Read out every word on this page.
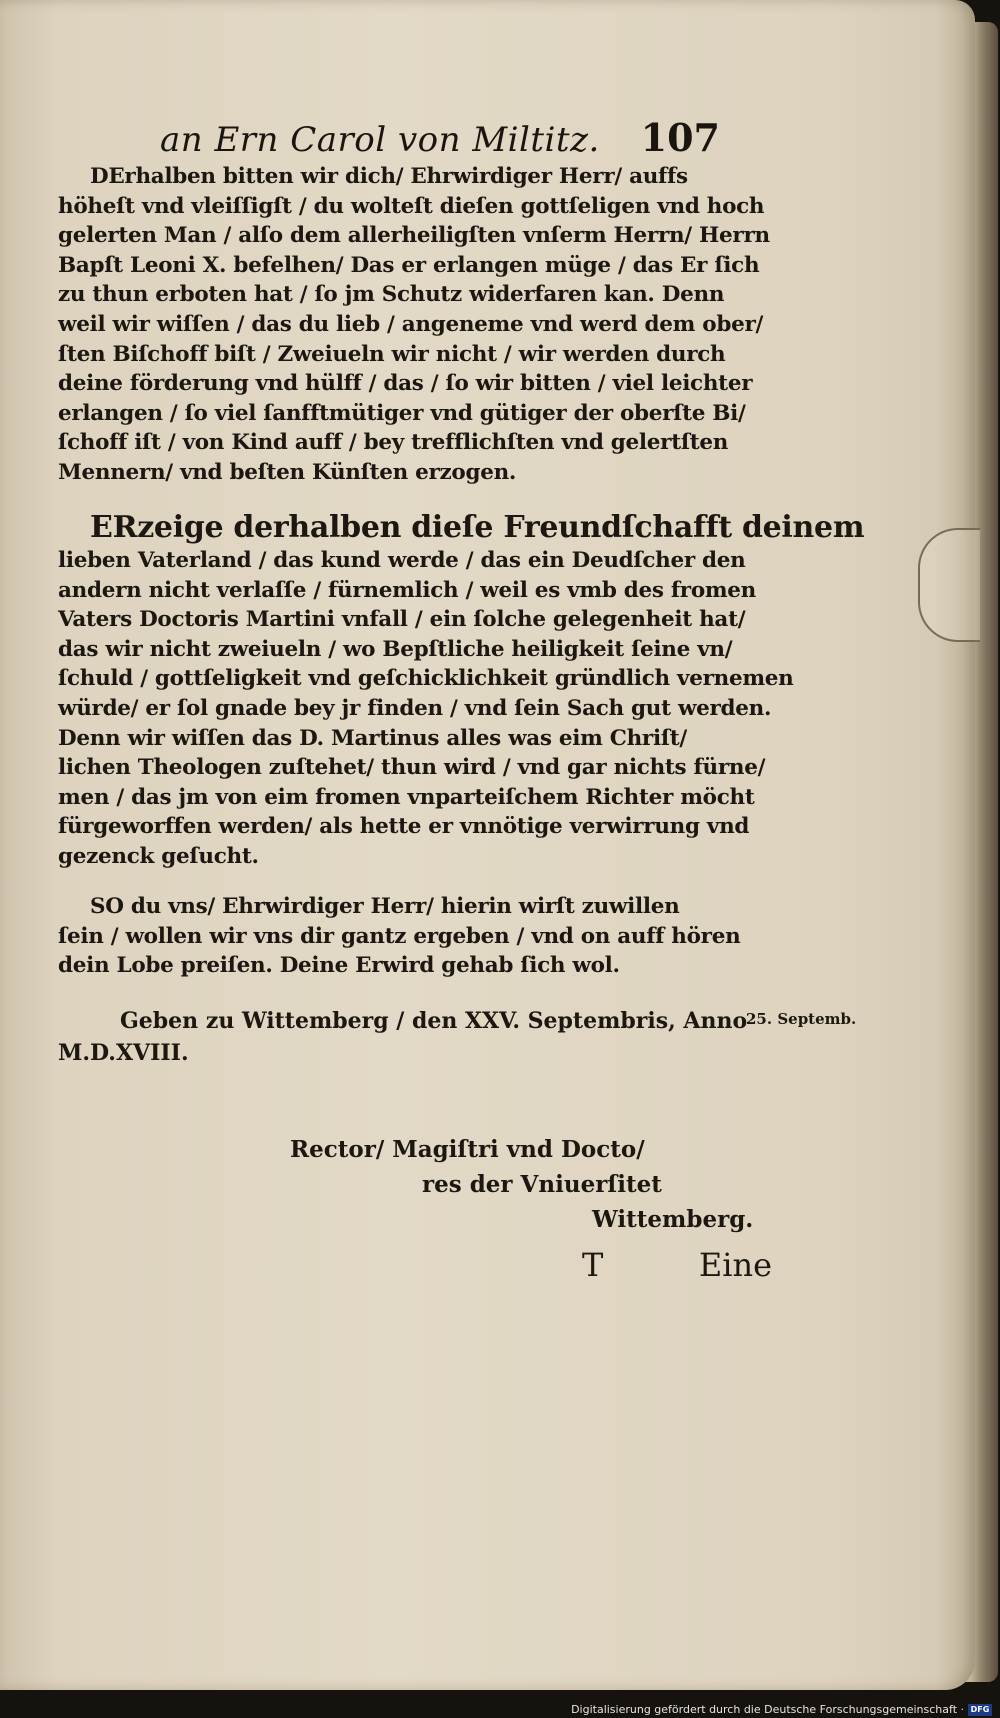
an Ern Carol von Miltitz. 107
DErhalben bitten wir dich/ Ehrwirdiger Herr/ auffs
höheſt vnd vleiſſigſt / du wolteſt dieſen gottſeligen vnd hoch
gelerten Man / alſo dem allerheiligſten vnſerm Herrn/ Herrn
Bapſt Leoni X. befelhen/ Das er erlangen müge / das Er ſich
zu thun erboten hat / ſo jm Schutz widerfaren kan. Denn
weil wir wiſſen / das du lieb / angeneme vnd werd dem ober/
ſten Biſchoff biſt / Zweiueln wir nicht / wir werden durch
deine förderung vnd hülff / das / ſo wir bitten / viel leichter
erlangen / ſo viel ſanfftmütiger vnd gütiger der oberſte Bi/
ſchoff iſt / von Kind auff / bey trefflichſten vnd gelertſten
Mennern/ vnd beſten Künſten erzogen.
ERzeige derhalben dieſe Freundſchafft deinem
lieben Vaterland / das kund werde / das ein Deudſcher den
andern nicht verlaſſe / fürnemlich / weil es vmb des fromen
Vaters Doctoris Martini vnfall / ein ſolche gelegenheit hat/
das wir nicht zweiueln / wo Bepſtliche heiligkeit ſeine vn/
ſchuld / gottſeligkeit vnd geſchicklichkeit gründlich vernemen
würde/ er ſol gnade bey jr finden / vnd ſein Sach gut werden.
Denn wir wiſſen das D. Martinus alles was eim Chriſt/
lichen Theologen zuſtehet/ thun wird / vnd gar nichts fürne/
men / das jm von eim fromen vnparteiſchem Richter möcht
fürgeworffen werden/ als hette er vnnötige verwirrung vnd
gezenck geſucht.
SO du vns/ Ehrwirdiger Herr/ hierin wirſt zuwillen
ſein / wollen wir vns dir gantz ergeben / vnd on auff hören
dein Lobe preiſen. Deine Erwird gehab ſich wol.
Geben zu Wittemberg / den XXV. Septembris, Anno
M.D.XVIII.
25. Septemb.
Rector/ Magiſtri vnd Docto/
res der Vniuerſitet
Wittemberg.
T	Eine
Digitalisierung gefördert durch die Deutsche Forschungsgemeinschaft · DFG
